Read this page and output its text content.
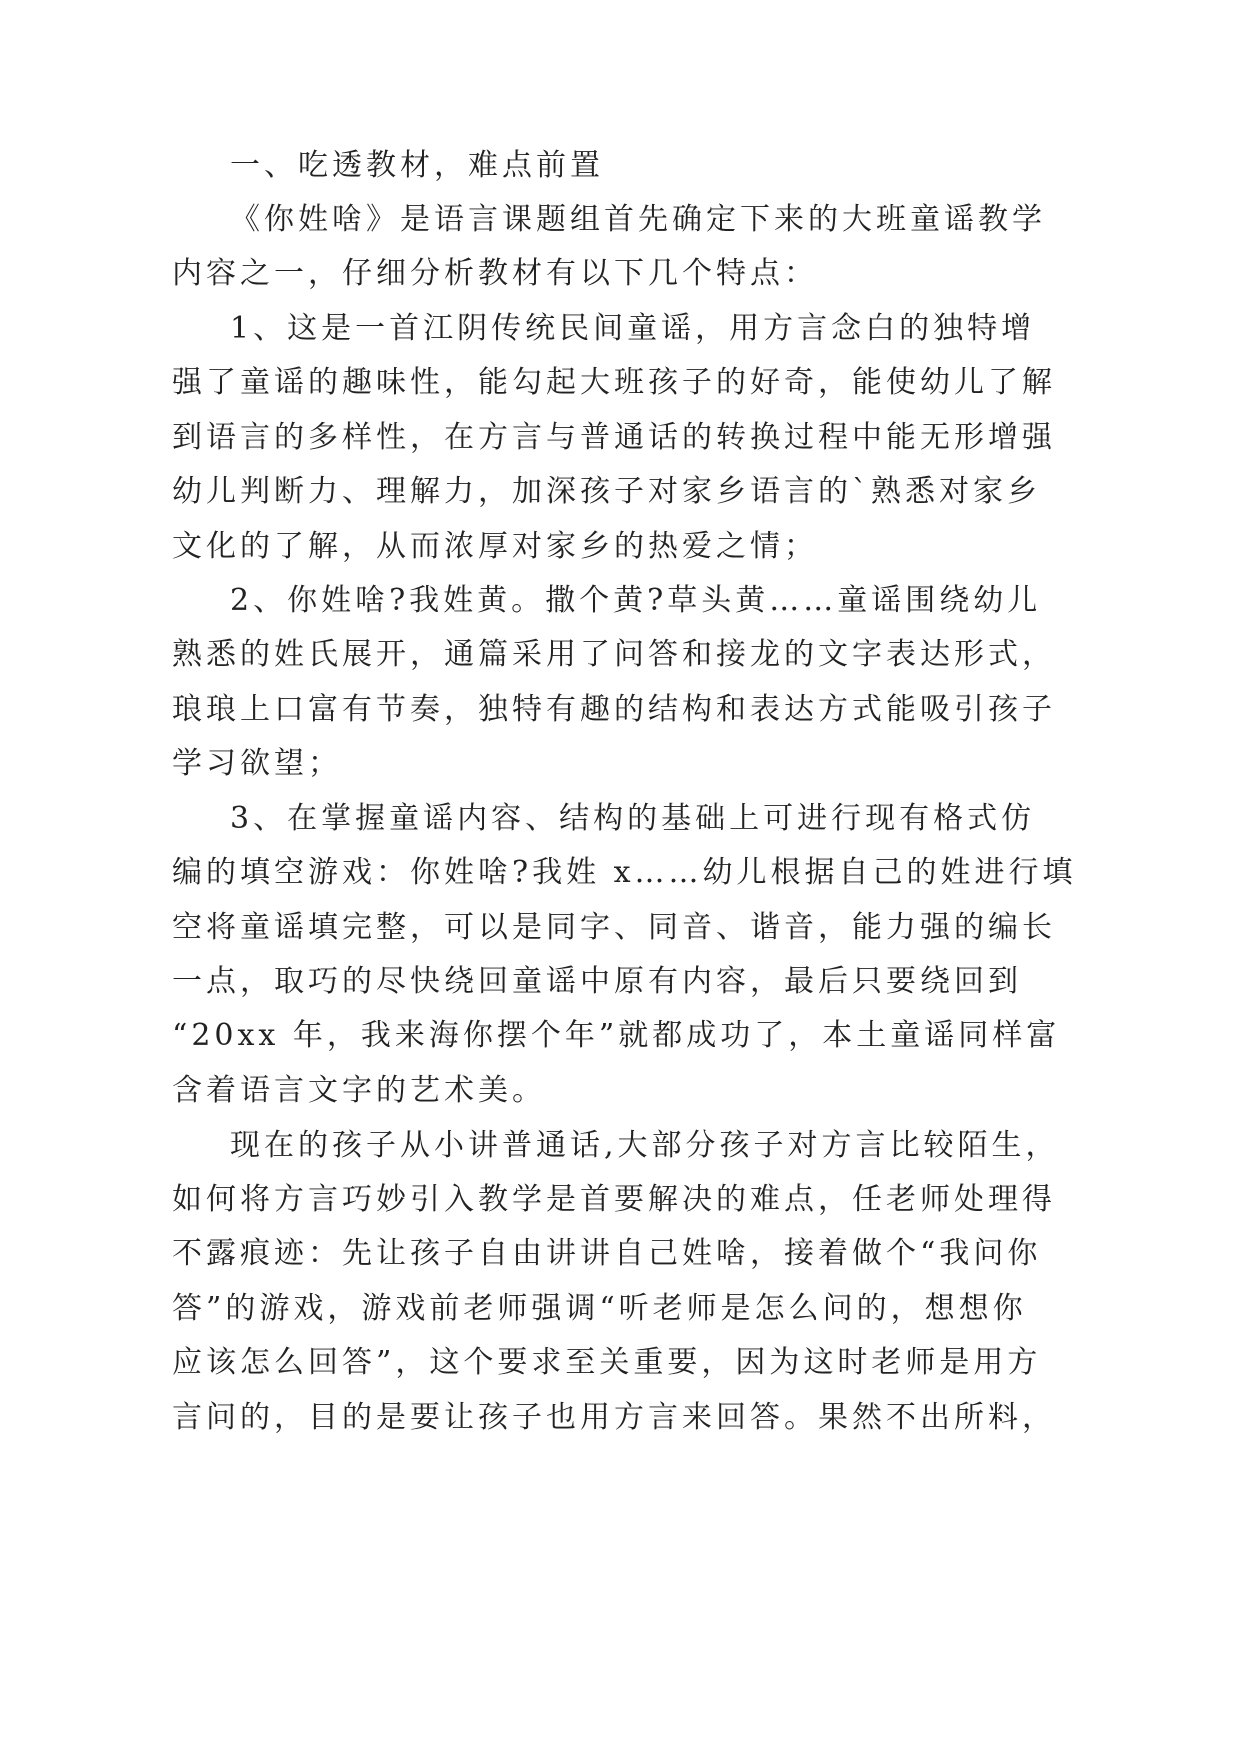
一、吃透教材，难点前置
《你姓啥》是语言课题组首先确定下来的大班童谣教学
内容之一，仔细分析教材有以下几个特点：
1、这是一首江阴传统民间童谣，用方言念白的独特增
强了童谣的趣味性，能勾起大班孩子的好奇，能使幼儿了解
到语言的多样性，在方言与普通话的转换过程中能无形增强
幼儿判断力、理解力，加深孩子对家乡语言的`熟悉对家乡
文化的了解，从而浓厚对家乡的热爱之情；
2、你姓啥?我姓黄。撒个黄?草头黄……童谣围绕幼儿
熟悉的姓氏展开，通篇采用了问答和接龙的文字表达形式，
琅琅上口富有节奏，独特有趣的结构和表达方式能吸引孩子
学习欲望；
3、在掌握童谣内容、结构的基础上可进行现有格式仿
编的填空游戏：你姓啥?我姓 x……幼儿根据自己的姓进行填
空将童谣填完整，可以是同字、同音、谐音，能力强的编长
一点，取巧的尽快绕回童谣中原有内容，最后只要绕回到
“20xx 年，我来海你摆个年”就都成功了，本土童谣同样富
含着语言文字的艺术美。
现在的孩子从小讲普通话,大部分孩子对方言比较陌生，
如何将方言巧妙引入教学是首要解决的难点，任老师处理得
不露痕迹：先让孩子自由讲讲自己姓啥，接着做个“我问你
答”的游戏，游戏前老师强调“听老师是怎么问的，想想你
应该怎么回答”，这个要求至关重要，因为这时老师是用方
言问的，目的是要让孩子也用方言来回答。果然不出所料，
